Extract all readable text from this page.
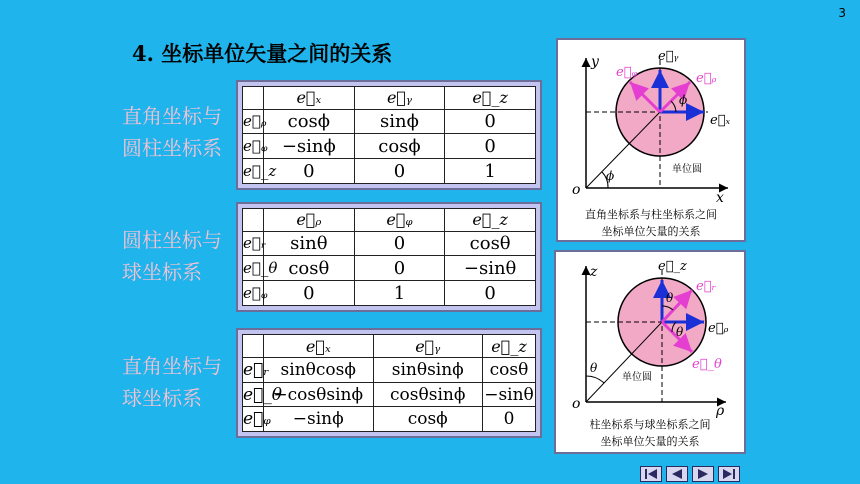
3
4. 坐标单位矢量之间的关系
直角坐标与
圆柱坐标系
圆柱坐标与
球坐标系
直角坐标与
球坐标系
	e⃗ₓ	e⃗ᵧ	e⃗_z
e⃗ᵨ	cosϕ	sinϕ	0
e⃗ᵩ	−sinϕ	cosϕ	0
e⃗_z	0	0	1
	e⃗ᵨ	e⃗ᵩ	e⃗_z
e⃗ᵣ	sinθ	0	cosθ
e⃗_θ	cosθ	0	−sinθ
e⃗ᵩ	0	1	0
	e⃗ₓ	e⃗ᵧ	e⃗_z
e⃗ᵣ	sinθcosϕ	sinθsinϕ	cosθ
e⃗_θ	−cosθsinϕ	cosθsinϕ	−sinθ
e⃗ᵩ	−sinϕ	cosϕ	0
y
x
o
e⃗ᵧ
e⃗ᵩ	e⃗ᵨ
e⃗ₓ
ϕ
ϕ	单位圆
直角坐标系与柱坐标系之间
坐标单位矢量的关系
z
ρ
o
e⃗_z
e⃗ᵣ
e⃗ᵨ
e⃗_θ
θ
θ
θ
单位圆
柱坐标系与球坐标系之间
坐标单位矢量的关系
